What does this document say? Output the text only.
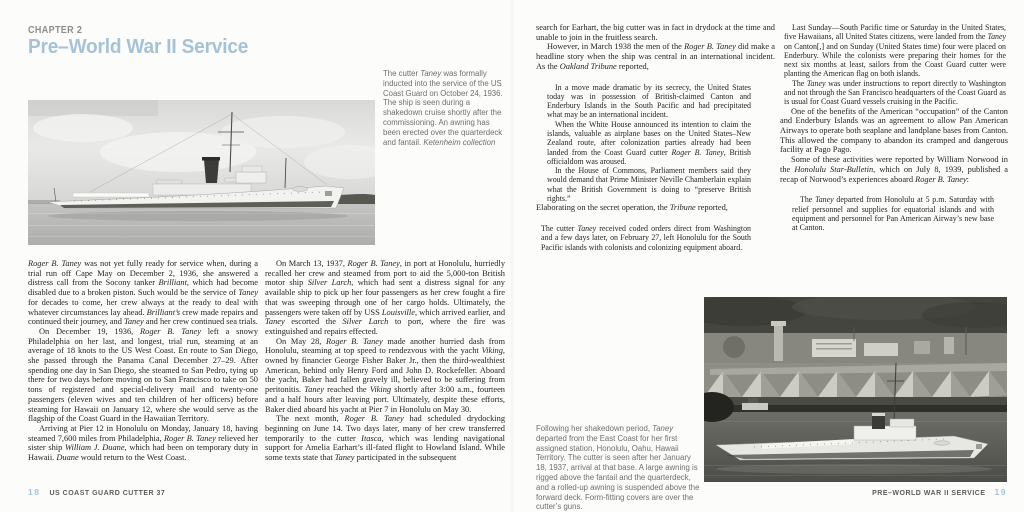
CHAPTER 2
Pre–World War II Service
The cutter Taney was formally inducted into the service of the US Coast Guard on October 24, 1936. The ship is seen during a shakedown cruise shortly after the commissioning. An awning has been erected over the quarterdeck and fantail. Ketenheim collection

Roger B. Taney was not yet fully ready for service when, during a trial run off Cape May on December 2, 1936, she answered a distress call from the Socony tanker Brilliant, which had become disabled due to a broken piston. Such would be the service of Taney for decades to come, her crew always at the ready to deal with whatever circumstances lay ahead. Brilliant’s crew made repairs and continued their journey, and Taney and her crew continued sea trials.

On December 19, 1936, Roger B. Taney left a snowy Philadelphia on her last, and longest, trial run, steaming at an average of 18 knots to the US West Coast. En route to San Diego, she passed through the Panama Canal December 27–29. After spending one day in San Diego, she steamed to San Pedro, tying up there for two days before moving on to San Francisco to take on 50 tons of registered and special-delivery mail and twenty-one passengers (eleven wives and ten children of her officers) before steaming for Hawaii on January 12, where she would serve as the flagship of the Coast Guard in the Hawaiian Territory.

Arriving at Pier 12 in Honolulu on Monday, January 18, having steamed 7,600 miles from Philadelphia, Roger B. Taney relieved her sister ship William J. Duane, which had been on temporary duty in Hawaii. Duane would return to the West Coast.

On March 13, 1937, Roger B. Taney, in port at Honolulu, hurriedly recalled her crew and steamed from port to aid the 5,000-ton British motor ship Silver Larch, which had sent a distress signal for any available ship to pick up her four passengers as her crew fought a fire that was sweeping through one of her cargo holds. Ultimately, the passengers were taken off by USS Louisville, which arrived earlier, and Taney escorted the Silver Larch to port, where the fire was extinguished and repairs effected.

On May 28, Roger B. Taney made another hurried dash from Honolulu, steaming at top speed to rendezvous with the yacht Viking, owned by financier George Fisher Baker Jr., then the third-wealthiest American, behind only Henry Ford and John D. Rockefeller. Aboard the yacht, Baker had fallen gravely ill, believed to be suffering from peritonitis. Taney reached the Viking shortly after 3:00 a.m., fourteen and a half hours after leaving port. Ultimately, despite these efforts, Baker died aboard his yacht at Pier 7 in Honolulu on May 30.

The next month, Roger B. Taney had scheduled drydocking beginning on June 14. Two days later, many of her crew transferred temporarily to the cutter Itasca, which was lending navigational support for Amelia Earhart’s ill-fated flight to Howland Island. While some texts state that Taney participated in the subsequent

18 US COAST GUARD CUTTER 37

search for Earhart, the big cutter was in fact in drydock at the time and unable to join in the fruitless search.

However, in March 1938 the men of the Roger B. Taney did make a headline story when the ship was central in an international incident. As the Oakland Tribune reported,

In a move made dramatic by its secrecy, the United States today was in possession of British-claimed Canton and Enderbury Islands in the South Pacific and had precipitated what may be an international incident.

When the White House announced its intention to claim the islands, valuable as airplane bases on the United States–New Zealand route, after colonization parties already had been landed from the Coast Guard cutter Roger B. Taney, British officialdom was aroused.

In the House of Commons, Parliament members said they would demand that Prime Minister Neville Chamberlain explain what the British Government is doing to “preserve British rights.”

Elaborating on the secret operation, the Tribune reported,

The cutter Taney received coded orders direct from Washington and a few days later, on February 27, left Honolulu for the South Pacific islands with colonists and colonizing equipment aboard.

Last Sunday—South Pacific time or Saturday in the United States, five Hawaiians, all United States citizens, were landed from the Taney on Canton[,] and on Sunday (United States time) four were placed on Enderbury. While the colonists were preparing their homes for the next six months at least, sailors from the Coast Guard cutter were planting the American flag on both islands.

The Taney was under instructions to report directly to Washington and not through the San Francisco headquarters of the Coast Guard as is usual for Coast Guard vessels cruising in the Pacific.

One of the benefits of the American “occupation” of the Canton and Enderbury Islands was an agreement to allow Pan American Airways to operate both seaplane and landplane bases from Canton. This allowed the company to abandon its cramped and dangerous facility at Pago Pago.

Some of these activities were reported by William Norwood in the Honolulu Star-Bulletin, which on July 8, 1939, published a recap of Norwood’s experiences aboard Roger B. Taney:

The Taney departed from Honolulu at 5 p.m. Saturday with relief personnel and supplies for equatorial islands and with equipment and personnel for Pan American Airway’s new base at Canton.

Following her shakedown period, Taney departed from the East Coast for her first assigned station, Honolulu, Oahu, Hawaii Territory. The cutter is seen after her January 18, 1937, arrival at that base. A large awning is rigged above the fantail and the quarterdeck, and a rolled-up awning is suspended above the forward deck. Form-fitting covers are over the cutter’s guns.
PRE–WORLD WAR II SERVICE 19
